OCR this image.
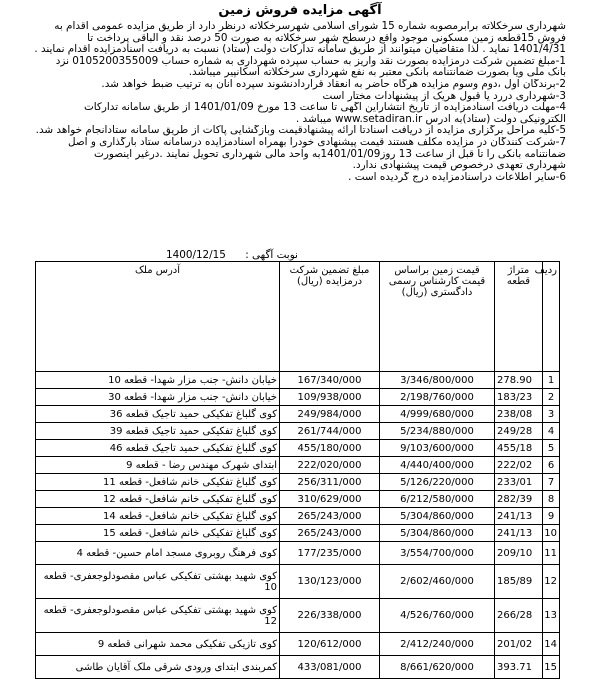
آگهی مزایده فروش زمین

شهرداری سرخکلاته برابرمصوبه شماره 15 شورای اسلامی شهرسرخکلاته درنظر دارد از طریق مزایده عمومی اقدام به

فروش 15قطعه زمین مسکونی موجود واقع درسطح شهر سرخکلاته به صورت 50 درصد نقد و الباقی پرداخت تا

1401/4/31 نماید . لذا متقاضیان میتوانند از طریق سامانه تدارکات دولت (ستاد) نسبت به دریافت اسنادمزایده اقدام نمایند .

1-مبلغ تضمین شرکت درمزایده بصورت نقد واریز به حساب سپرده شهرداری به شماره حساب 0105200355009 نزد

بانک ملی ویا بصورت ضمانتنامه بانکی معتبر به نفع شهرداری سرخکلاته اسکانپیر میباشد.

2-برندگان اول ،دوم وسوم مزایده هرگاه حاضر به انعقاد قراردادنشوند سپرده آنان به ترتیب ضبط خواهد شد.

3-شهرداری دررد یا قبول هریک از پیشنهادات مختار است

4-مهلت دریافت اسنادمزایده از تاریخ انتشاراین آگهی تا ساعت 13 مورخ 1401/01/09 از طریق سامانه تدارکات

الکترونیکی دولت (ستاد)به آدرس www.setadiran.ir میباشد .

5-کلیه مراحل برگزاری مزایده از دریافت اسنادتا ارائه پیشنهادقیمت وبازگشایی پاکات از طریق سامانه ستادانجام خواهد شد.

7-شرکت کنندگان در مزایده مکلف هستند قیمت پیشنهادی خودرا بهمراه اسنادمزایده درسامانه ستاد بارگذاری و اصل

ضمانتنامه بانکی را تا قبل از ساعت 13 روز1401/01/09به واحد مالی شهرداری تحویل نمایند .درغیر اینصورت

شهرداری تعهدی درخصوص قیمت پیشنهادی ندارد.

6-سایر اطلاعات دراسنادمزایده درج گردیده است .

نوبت آگهی : 1400/12/15
ردیف	متراژ قطعه	قیمت زمین براساس قیمت کارشناس رسمی دادگستری (ریال)	مبلغ تضمین شرکت درمزایده (ریال)	آدرس ملک
1	278.90	3/346/800/000	167/340/000	خیابان دانش- جنب مزار شهدا- قطعه 10
2	183/23	2/198/760/000	109/938/000	خیابان دانش- جنب مزار شهدا- قطعه 30
3	238/08	4/999/680/000	249/984/000	کوی گلباغ تفکیکی حمید تاجیک قطعه 36
4	249/28	5/234/880/000	261/744/000	کوی گلباغ تفکیکی حمید تاجیک قطعه 39
5	455/18	9/103/600/000	455/180/000	کوی گلباغ تفکیکی حمید تاجیک قطعه 46
6	222/02	4/440/400/000	222/020/000	ابتدای شهرک مهندس رضا - قطعه 9
7	233/01	5/126/220/000	256/311/000	کوی گلباغ تفکیکی خانم شافعل- قطعه 11
8	282/39	6/212/580/000	310/629/000	کوی گلباغ تفکیکی خانم شافعل- قطعه 12
9	241/13	5/304/860/000	265/243/000	کوی گلباغ تفکیکی خانم شافعل- قطعه 14
10	241/13	5/304/860/000	265/243/000	کوی گلباغ تفکیکی خانم شافعل- قطعه 15
11	209/10	3/554/700/000	177/235/000	کوی فرهنگ روبروی مسجد امام حسین- قطعه 4
12	185/89	2/602/460/000	130/123/000	کوی شهید بهشتی تفکیکی عباس مقصودلوجعفری- قطعه 10
13	266/28	4/526/760/000	226/338/000	کوی شهید بهشتی تفکیکی عباس مقصودلوجعفری- قطعه 12
14	201/02	2/412/240/000	120/612/000	کوی تازیکی تفکیکی محمد شهرانی قطعه 9
15	393.71	8/661/620/000	433/081/000	کمربندی ابتدای ورودی شرقی ملک آقایان طاشی
